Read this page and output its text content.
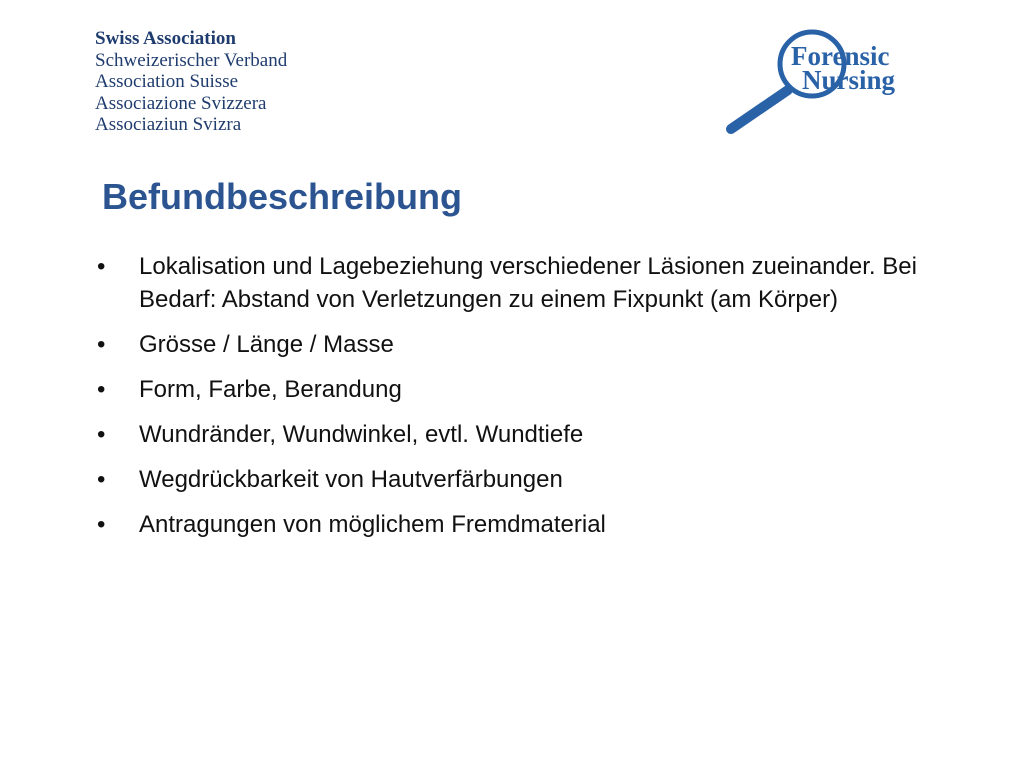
Swiss Association
Schweizerischer Verband
Association Suisse
Associazione Svizzera
Associaziun Svizra
Forensic
Nursing
Befundbeschreibung
• Lokalisation und Lagebeziehung verschiedener Läsionen zueinander. Bei Bedarf: Abstand von Verletzungen zu einem Fixpunkt (am Körper)
• Grösse / Länge / Masse
• Form, Farbe, Berandung
• Wundränder, Wundwinkel, evtl. Wundtiefe
• Wegdrückbarkeit von Hautverfärbungen
• Antragungen von möglichem Fremdmaterial
